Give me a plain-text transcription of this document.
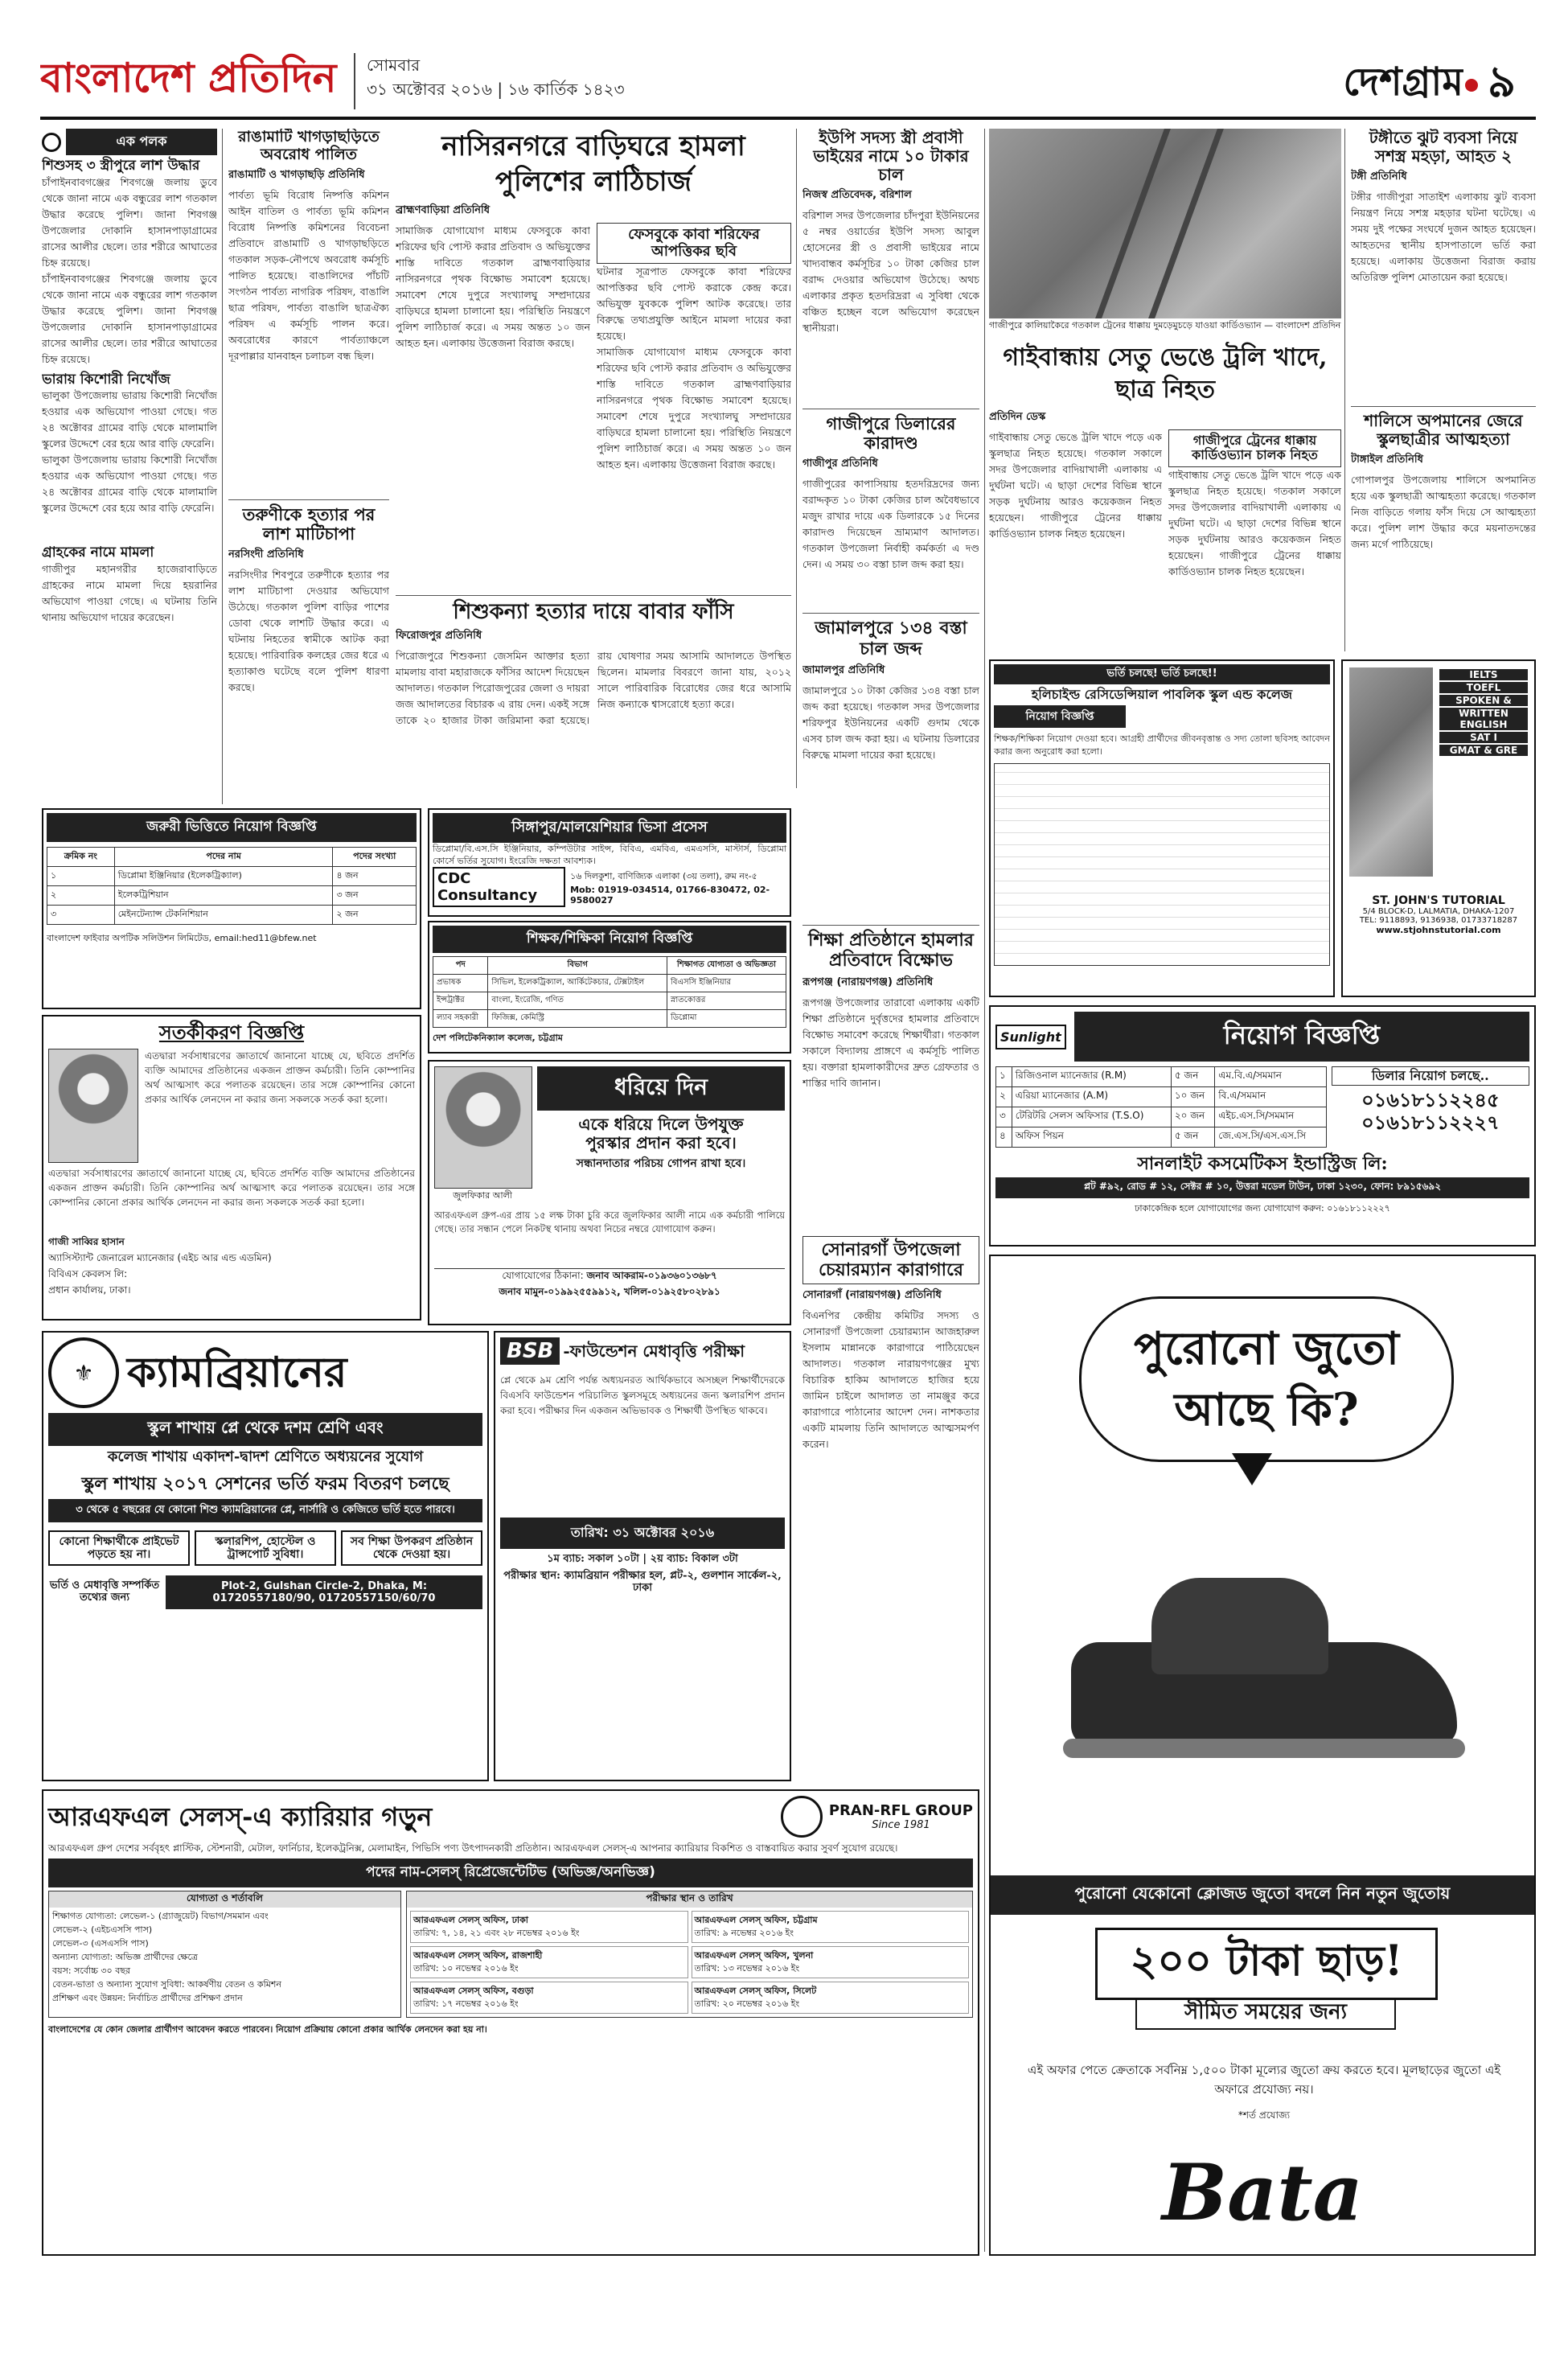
বাংলাদেশ প্রতিদিন	সোমবার
৩১ অক্টোবর ২০১৬ | ১৬ কার্তিক ১৪২৩	দেশগ্রাম ৯
এক পলক
শিশুসহ ৩ স্ত্রীপুরে লাশ উদ্ধার
চাঁপাইনবাবগঞ্জের শিবগঞ্জে জলায় ডুবে থেকে জানা নামে এক বন্ধুরের লাশ গতকাল উদ্ধার করেছে পুলিশ। জানা শিবগঞ্জ উপজেলার দোকানি হাসানপাড়াগ্রামের রাসের আলীর ছেলে। তার শরীরে আঘাতের চিহ্ন রয়েছে।
চাঁপাইনবাবগঞ্জের শিবগঞ্জে জলায় ডুবে থেকে জানা নামে এক বন্ধুরের লাশ গতকাল উদ্ধার করেছে পুলিশ। জানা শিবগঞ্জ উপজেলার দোকানি হাসানপাড়াগ্রামের রাসের আলীর ছেলে। তার শরীরে আঘাতের চিহ্ন রয়েছে।
ভারায় কিশোরী নিখোঁজ
ভালুকা উপজেলায় ভারায় কিশোরী নিখোঁজ হওয়ার এক অভিযোগ পাওয়া গেছে। গত ২৪ অক্টোবর গ্রামের বাড়ি থেকে মালামালি স্কুলের উদ্দেশে বের হয়ে আর বাড়ি ফেরেনি।
ভালুকা উপজেলায় ভারায় কিশোরী নিখোঁজ হওয়ার এক অভিযোগ পাওয়া গেছে। গত ২৪ অক্টোবর গ্রামের বাড়ি থেকে মালামালি স্কুলের উদ্দেশে বের হয়ে আর বাড়ি ফেরেনি।
গ্রাহকের নামে মামলা
গাজীপুর মহানগরীর হাজেরাবাড়িতে গ্রাহকের নামে মামলা দিয়ে হয়রানির অভিযোগ পাওয়া গেছে। এ ঘটনায় তিনি থানায় অভিযোগ দায়ের করেছেন।
রাঙামাটি খাগড়াছড়িতে অবরোধ পালিত
রাঙামাটি ও খাগড়াছড়ি প্রতিনিধি
পার্বত্য ভূমি বিরোধ নিষ্পত্তি কমিশন আইন বাতিল ও পার্বত্য ভূমি কমিশন বিরোধ নিষ্পত্তি কমিশনের বিবেচনা প্রতিবাদে রাঙামাটি ও খাগড়াছড়িতে গতকাল সড়ক-নৌপথে অবরোধ কর্মসূচি পালিত হয়েছে। বাঙালিদের পাঁচটি সংগঠন পার্বত্য নাগরিক পরিষদ, বাঙালি ছাত্র পরিষদ, পার্বত্য বাঙালি ছাত্রঐক্য পরিষদ এ কর্মসূচি পালন করে। অবরোধের কারণে পার্বত্যাঞ্চলে দূরপাল্লার যানবাহন চলাচল বন্ধ ছিল।
তরুণীকে হত্যার পর লাশ মাটিচাপা
নরসিংদী প্রতিনিধি
নরসিংদীর শিবপুরে তরুণীকে হত্যার পর লাশ মাটিচাপা দেওয়ার অভিযোগ উঠেছে। গতকাল পুলিশ বাড়ির পাশের ডোবা থেকে লাশটি উদ্ধার করে। এ ঘটনায় নিহতের স্বামীকে আটক করা হয়েছে। পারিবারিক কলহের জের ধরে এ হত্যাকাণ্ড ঘটেছে বলে পুলিশ ধারণা করছে।
নাসিরনগরে বাড়িঘরে হামলা পুলিশের লাঠিচার্জ
ব্রাহ্মণবাড়িয়া প্রতিনিধি
সামাজিক যোগাযোগ মাধ্যম ফেসবুকে কাবা শরিফের ছবি পোস্ট করার প্রতিবাদ ও অভিযুক্তের শাস্তি দাবিতে গতকাল ব্রাহ্মণবাড়িয়ার নাসিরনগরে পৃথক বিক্ষোভ সমাবেশ হয়েছে। সমাবেশ শেষে দুপুরে সংখ্যালঘু সম্প্রদায়ের বাড়িঘরে হামলা চালানো হয়। পরিস্থিতি নিয়ন্ত্রণে পুলিশ লাঠিচার্জ করে। এ সময় অন্তত ১০ জন আহত হন। এলাকায় উত্তেজনা বিরাজ করছে।
ফেসবুকে কাবা শরিফের আপত্তিকর ছবি
ঘটনার সূত্রপাত ফেসবুকে কাবা শরিফের আপত্তিকর ছবি পোস্ট করাকে কেন্দ্র করে। অভিযুক্ত যুবককে পুলিশ আটক করেছে। তার বিরুদ্ধে তথ্যপ্রযুক্তি আইনে মামলা দায়ের করা হয়েছে।
সামাজিক যোগাযোগ মাধ্যম ফেসবুকে কাবা শরিফের ছবি পোস্ট করার প্রতিবাদ ও অভিযুক্তের শাস্তি দাবিতে গতকাল ব্রাহ্মণবাড়িয়ার নাসিরনগরে পৃথক বিক্ষোভ সমাবেশ হয়েছে। সমাবেশ শেষে দুপুরে সংখ্যালঘু সম্প্রদায়ের বাড়িঘরে হামলা চালানো হয়। পরিস্থিতি নিয়ন্ত্রণে পুলিশ লাঠিচার্জ করে। এ সময় অন্তত ১০ জন আহত হন। এলাকায় উত্তেজনা বিরাজ করছে।
শিশুকন্যা হত্যার দায়ে বাবার ফাঁসি
ফিরোজপুর প্রতিনিধি
পিরোজপুরে শিশুকন্যা জেসমিন আক্তার হত্যা মামলায় বাবা মহারাজকে ফাঁসির আদেশ দিয়েছেন আদালত। গতকাল পিরোজপুরের জেলা ও দায়রা জজ আদালতের বিচারক এ রায় দেন। একই সঙ্গে তাকে ২০ হাজার টাকা জরিমানা করা হয়েছে। রায় ঘোষণার সময় আসামি আদালতে উপস্থিত ছিলেন। মামলার বিবরণে জানা যায়, ২০১২ সালে পারিবারিক বিরোধের জের ধরে আসামি নিজ কন্যাকে শ্বাসরোধে হত্যা করে।
ইউপি সদস্য স্ত্রী প্রবাসী ভাইয়ের নামে ১০ টাকার চাল
নিজস্ব প্রতিবেদক, বরিশাল
বরিশাল সদর উপজেলার চাঁদপুরা ইউনিয়নের ৫ নম্বর ওয়ার্ডের ইউপি সদস্য আবুল হোসেনের স্ত্রী ও প্রবাসী ভাইয়ের নামে খাদ্যবান্ধব কর্মসূচির ১০ টাকা কেজির চাল বরাদ্দ দেওয়ার অভিযোগ উঠেছে। অথচ এলাকার প্রকৃত হতদরিদ্ররা এ সুবিধা থেকে বঞ্চিত হচ্ছেন বলে অভিযোগ করেছেন স্থানীয়রা।
গাজীপুরে ডিলারের কারাদণ্ড
গাজীপুর প্রতিনিধি
গাজীপুরের কাপাসিয়ায় হতদরিদ্রদের জন্য বরাদ্দকৃত ১০ টাকা কেজির চাল অবৈধভাবে মজুদ রাখার দায়ে এক ডিলারকে ১৫ দিনের কারাদণ্ড দিয়েছেন ভ্রাম্যমাণ আদালত। গতকাল উপজেলা নির্বাহী কর্মকর্তা এ দণ্ড দেন। এ সময় ৩০ বস্তা চাল জব্দ করা হয়।
জামালপুরে ১৩৪ বস্তা চাল জব্দ
জামালপুর প্রতিনিধি
জামালপুরে ১০ টাকা কেজির ১৩৪ বস্তা চাল জব্দ করা হয়েছে। গতকাল সদর উপজেলার শরিফপুর ইউনিয়নের একটি গুদাম থেকে এসব চাল জব্দ করা হয়। এ ঘটনায় ডিলারের বিরুদ্ধে মামলা দায়ের করা হয়েছে।
শিক্ষা প্রতিষ্ঠানে হামলার প্রতিবাদে বিক্ষোভ
রূপগঞ্জ (নারায়ণগঞ্জ) প্রতিনিধি
রূপগঞ্জ উপজেলার তারাবো এলাকায় একটি শিক্ষা প্রতিষ্ঠানে দুর্বৃত্তদের হামলার প্রতিবাদে বিক্ষোভ সমাবেশ করেছে শিক্ষার্থীরা। গতকাল সকালে বিদ্যালয় প্রাঙ্গণে এ কর্মসূচি পালিত হয়। বক্তারা হামলাকারীদের দ্রুত গ্রেফতার ও শাস্তির দাবি জানান।
সোনারগাঁ উপজেলা চেয়ারম্যান কারাগারে
সোনারগাঁ (নারায়ণগঞ্জ) প্রতিনিধি
বিএনপির কেন্দ্রীয় কমিটির সদস্য ও সোনারগাঁ উপজেলা চেয়ারম্যান আজহারুল ইসলাম মান্নানকে কারাগারে পাঠিয়েছেন আদালত। গতকাল নারায়ণগঞ্জের মুখ্য বিচারিক হাকিম আদালতে হাজির হয়ে জামিন চাইলে আদালত তা নামঞ্জুর করে কারাগারে পাঠানোর আদেশ দেন। নাশকতার একটি মামলায় তিনি আদালতে আত্মসমর্পণ করেন।
গাজীপুরে কালিয়াকৈরে গতকাল ট্রেনের ধাক্কায় দুমড়েমুচড়ে যাওয়া কার্ডিওভ্যান — বাংলাদেশ প্রতিদিন
গাইবান্ধায় সেতু ভেঙে ট্রলি খাদে, ছাত্র নিহত
প্রতিদিন ডেস্ক
গাইবান্ধায় সেতু ভেঙে ট্রলি খাদে পড়ে এক স্কুলছাত্র নিহত হয়েছে। গতকাল সকালে সদর উপজেলার বাদিয়াখালী এলাকায় এ দুর্ঘটনা ঘটে। এ ছাড়া দেশের বিভিন্ন স্থানে সড়ক দুর্ঘটনায় আরও কয়েকজন নিহত হয়েছেন। গাজীপুরে ট্রেনের ধাক্কায় কার্ডিওভ্যান চালক নিহত হয়েছেন।
গাজীপুরে ট্রেনের ধাক্কায় কার্ডিওভ্যান চালক নিহত
গাইবান্ধায় সেতু ভেঙে ট্রলি খাদে পড়ে এক স্কুলছাত্র নিহত হয়েছে। গতকাল সকালে সদর উপজেলার বাদিয়াখালী এলাকায় এ দুর্ঘটনা ঘটে। এ ছাড়া দেশের বিভিন্ন স্থানে সড়ক দুর্ঘটনায় আরও কয়েকজন নিহত হয়েছেন। গাজীপুরে ট্রেনের ধাক্কায় কার্ডিওভ্যান চালক নিহত হয়েছেন।
টঙ্গীতে ঝুট ব্যবসা নিয়ে সশস্ত্র মহড়া, আহত ২
টঙ্গী প্রতিনিধি
টঙ্গীর গাজীপুরা সাতাইশ এলাকায় ঝুট ব্যবসা নিয়ন্ত্রণ নিয়ে সশস্ত্র মহড়ার ঘটনা ঘটেছে। এ সময় দুই পক্ষের সংঘর্ষে দুজন আহত হয়েছেন। আহতদের স্থানীয় হাসপাতালে ভর্তি করা হয়েছে। এলাকায় উত্তেজনা বিরাজ করায় অতিরিক্ত পুলিশ মোতায়েন করা হয়েছে।
শালিসে অপমানের জেরে স্কুলছাত্রীর আত্মহত্যা
টাঙ্গাইল প্রতিনিধি
গোপালপুর উপজেলায় শালিসে অপমানিত হয়ে এক স্কুলছাত্রী আত্মহত্যা করেছে। গতকাল নিজ বাড়িতে গলায় ফাঁস দিয়ে সে আত্মহত্যা করে। পুলিশ লাশ উদ্ধার করে ময়নাতদন্তের জন্য মর্গে পাঠিয়েছে।
ভর্তি চলছে! ভর্তি চলছে!!
হলিচাইল্ড রেসিডেন্সিয়াল পাবলিক স্কুল এন্ড কলেজ
নিয়োগ বিজ্ঞপ্তি
শিক্ষক/শিক্ষিকা নিয়োগ দেওয়া হবে। আগ্রহী প্রার্থীদের জীবনবৃত্তান্ত ও সদ্য তোলা ছবিসহ আবেদন করার জন্য অনুরোধ করা হলো।
IELTS
TOEFL
SPOKEN &
WRITTEN ENGLISH
SAT I
GMAT & GRE
ST. JOHN'S TUTORIAL
5/4 BLOCK-D, LALMATIA, DHAKA-1207
TEL: 9118893, 9136938, 01733718287
www.stjohnstutorial.com
জরুরী ভিত্তিতে নিয়োগ বিজ্ঞপ্তি
ক্রমিক নং	পদের নাম	পদের সংখ্যা
১	ডিপ্লোমা ইঞ্জিনিয়ার (ইলেকট্রিক্যাল)	৪ জন
২	ইলেকট্রিশিয়ান	৩ জন
৩	মেইনটেন্যান্স টেকনিশিয়ান	২ জন
বাংলাদেশ ফাইবার অপটিক সলিউশন লিমিটেড, email:hed11@bfew.net
সিঙ্গাপুর/মালয়েশিয়ার ভিসা প্রসেস
ডিপ্লোমা/বি.এস.সি ইঞ্জিনিয়ার, কম্পিউটার সাইন্স, বিবিএ, এমবিএ, এমএসসি, মাস্টার্স, ডিপ্লোমা কোর্সে ভর্তির সুযোগ। ইংরেজি দক্ষতা আবশ্যক।
CDC Consultancy
১৬ দিলকুশা, বাণিজ্যিক এলাকা (৩য় তলা), রুম নং-৫
Mob: 01919-034514, 01766-830472, 02-9580027
শিক্ষক/শিক্ষিকা নিয়োগ বিজ্ঞপ্তি
পদ	বিভাগ	শিক্ষাগত যোগ্যতা ও অভিজ্ঞতা
প্রভাষক	সিভিল, ইলেকট্রিক্যাল, আর্কিটেকচার, টেক্সটাইল	বিএসসি ইঞ্জিনিয়ার
ইন্সট্রাক্টর	বাংলা, ইংরেজি, গণিত	স্নাতকোত্তর
ল্যাব সহকারী	ফিজিক্স, কেমিস্ট্রি	ডিপ্লোমা
দেশ পলিটেকনিক্যাল কলেজ, চট্টগ্রাম
সতর্কীকরণ বিজ্ঞপ্তি
এতদ্বারা সর্বসাধারণের জ্ঞাতার্থে জানানো যাচ্ছে যে, ছবিতে প্রদর্শিত ব্যক্তি আমাদের প্রতিষ্ঠানের একজন প্রাক্তন কর্মচারী। তিনি কোম্পানির অর্থ আত্মসাৎ করে পলাতক রয়েছেন। তার সঙ্গে কোম্পানির কোনো প্রকার আর্থিক লেনদেন না করার জন্য সকলকে সতর্ক করা হলো।
এতদ্বারা সর্বসাধারণের জ্ঞাতার্থে জানানো যাচ্ছে যে, ছবিতে প্রদর্শিত ব্যক্তি আমাদের প্রতিষ্ঠানের একজন প্রাক্তন কর্মচারী। তিনি কোম্পানির অর্থ আত্মসাৎ করে পলাতক রয়েছেন। তার সঙ্গে কোম্পানির কোনো প্রকার আর্থিক লেনদেন না করার জন্য সকলকে সতর্ক করা হলো।
গাজী সাব্বির হাসান
অ্যাসিস্ট্যান্ট জেনারেল ম্যানেজার (এইচ আর এন্ড এডমিন)
বিবিএস কেবলস লি:
প্রধান কার্যালয়, ঢাকা।
জুলফিকার আলী
ধরিয়ে দিন
একে ধরিয়ে দিলে উপযুক্ত
পুরস্কার প্রদান করা হবে।
সন্ধানদাতার পরিচয় গোপন রাখা হবে।
আরএফএল গ্রুপ-এর প্রায় ১৫ লক্ষ টাকা চুরি করে জুলফিকার আলী নামে এক কর্মচারী পালিয়ে গেছে। তার সন্ধান পেলে নিকটস্থ থানায় অথবা নিচের নম্বরে যোগাযোগ করুন।
যোগাযোগের ঠিকানা: জনাব আকরাম-০১৯৩৬০১৩৬৮৭
জনাব মামুন-০১৯৯২৫৫৯৯১২, খলিল-০১৯২৫৮০২৮৯১
⚜ ক্যামব্রিয়ানের
স্কুল শাখায় প্লে থেকে দশম শ্রেণি এবং
কলেজ শাখায় একাদশ-দ্বাদশ শ্রেণিতে অধ্যয়নের সুযোগ
স্কুল শাখায় ২০১৭ সেশনের ভর্তি ফরম বিতরণ চলছে
৩ থেকে ৫ বছরের যে কোনো শিশু ক্যামব্রিয়ানের প্লে, নার্সারি ও কেজিতে ভর্তি হতে পারবে।
কোনো শিক্ষার্থীকে প্রাইভেট পড়তে হয় না।
স্কলারশিপ, হোস্টেল ও ট্রান্সপোর্ট সুবিধা।
সব শিক্ষা উপকরণ প্রতিষ্ঠান থেকে দেওয়া হয়।
ভর্তি ও মেধাবৃত্তি সম্পর্কিত তথ্যের জন্য
Plot-2, Gulshan Circle-2, Dhaka, M: 01720557180/90, 01720557150/60/70
BSB -ফাউন্ডেশন মেধাবৃত্তি পরীক্ষা
প্লে থেকে ৯ম শ্রেণি পর্যন্ত অধ্যয়নরত আর্থিকভাবে অসচ্ছল শিক্ষার্থীদেরকে বিএসবি ফাউন্ডেশন পরিচালিত স্কুলসমূহে অধ্যয়নের জন্য স্কলারশিপ প্রদান করা হবে। পরীক্ষার দিন একজন অভিভাবক ও শিক্ষার্থী উপস্থিত থাকবে।
তারিখ: ৩১ অক্টোবর ২০১৬
১ম ব্যাচ: সকাল ১০টা | ২য় ব্যাচ: বিকাল ৩টা
পরীক্ষার স্থান: ক্যামব্রিয়ান পরীক্ষার হল, প্লট-২, গুলশান সার্কেল-২, ঢাকা
আরএফএল সেলস্-এ ক্যারিয়ার গড়ুন	PRAN-RFL GROUP
Since 1981
আরএফএল গ্রুপ দেশের সর্ববৃহৎ প্লাস্টিক, স্টেশনারী, মেটাল, ফার্নিচার, ইলেকট্রনিক্স, মেলামাইন, পিভিসি পণ্য উৎপাদনকারী প্রতিষ্ঠান। আরএফএল সেলস্-এ আপনার ক্যারিয়ার বিকশিত ও বাস্তবায়িত করার সুবর্ণ সুযোগ রয়েছে।
পদের নাম-সেলস্ রিপ্রেজেন্টেটিভ (অভিজ্ঞ/অনভিজ্ঞ)
যোগ্যতা ও শর্তাবলি
শিক্ষাগত যোগ্যতা: লেভেল-১ (গ্র্যাজুয়েট) বিভাগ/সমমান এবং
লেভেল-২ (এইচএসসি পাস)
লেভেল-৩ (এসএসসি পাস)
অন্যান্য যোগ্যতা: অভিজ্ঞ প্রার্থীদের ক্ষেত্রে
বয়স: সর্বোচ্চ ৩০ বছর
বেতন-ভাতা ও অন্যান্য সুযোগ সুবিধা: আকর্ষণীয় বেতন ও কমিশন
প্রশিক্ষণ এবং উন্নয়ন: নির্বাচিত প্রার্থীদের প্রশিক্ষণ প্রদান
পরীক্ষার স্থান ও তারিখ
আরএফএল সেলস্ অফিস, ঢাকা
তারিখ: ৭, ১৪, ২১ এবং ২৮ নভেম্বর ২০১৬ ইং
আরএফএল সেলস্ অফিস, চট্টগ্রাম
তারিখ: ৯ নভেম্বর ২০১৬ ইং
আরএফএল সেলস্ অফিস, রাজশাহী
তারিখ: ১০ নভেম্বর ২০১৬ ইং
আরএফএল সেলস্ অফিস, খুলনা
তারিখ: ১৩ নভেম্বর ২০১৬ ইং
আরএফএল সেলস্ অফিস, বগুড়া
তারিখ: ১৭ নভেম্বর ২০১৬ ইং
আরএফএল সেলস্ অফিস, সিলেট
তারিখ: ২০ নভেম্বর ২০১৬ ইং
বাংলাদেশের যে কোন জেলার প্রার্থীগণ আবেদন করতে পারবেন। নিয়োগ প্রক্রিয়ায় কোনো প্রকার আর্থিক লেনদেন করা হয় না।
Sunlight	নিয়োগ বিজ্ঞপ্তি
১	রিজিওনাল ম্যানেজার (R.M)	৫ জন	এম.বি.এ/সমমান
২	এরিয়া ম্যানেজার (A.M)	১০ জন	বি.এ/সমমান
৩	টেরিটরি সেলস অফিসার (T.S.O)	২০ জন	এইচ.এস.সি/সমমান
৪	অফিস পিয়ন	৫ জন	জে.এস.সি/এস.এস.সি
ডিলার নিয়োগ চলছে..
০১৬১৮১১২২৪৫
০১৬১৮১১২২২৭
সানলাইট কসমেটিকস ইন্ডাস্ট্রিজ লি:
প্লট #৯২, রোড # ১২, সেক্টর # ১০, উত্তরা মডেল টাউন, ঢাকা ১২৩০, ফোন: ৮৯১৫৬৯২
ঢাকাকেন্দ্রিক হলে যোগাযোগের জন্য যোগাযোগ করুন: ০১৬১৮১১২২২৭
পুরোনো জুতো আছে কি?
পুরোনো যেকোনো ক্লোজড জুতো বদলে নিন নতুন জুতোয়
২০০ টাকা ছাড়!
সীমিত সময়ের জন্য
এই অফার পেতে ক্রেতাকে সর্বনিম্ন ১,৫০০ টাকা মূল্যের জুতো ক্রয় করতে হবে। মূলছাড়ের জুতো এই অফারে প্রযোজ্য নয়।
*শর্ত প্রযোজ্য
Bata
